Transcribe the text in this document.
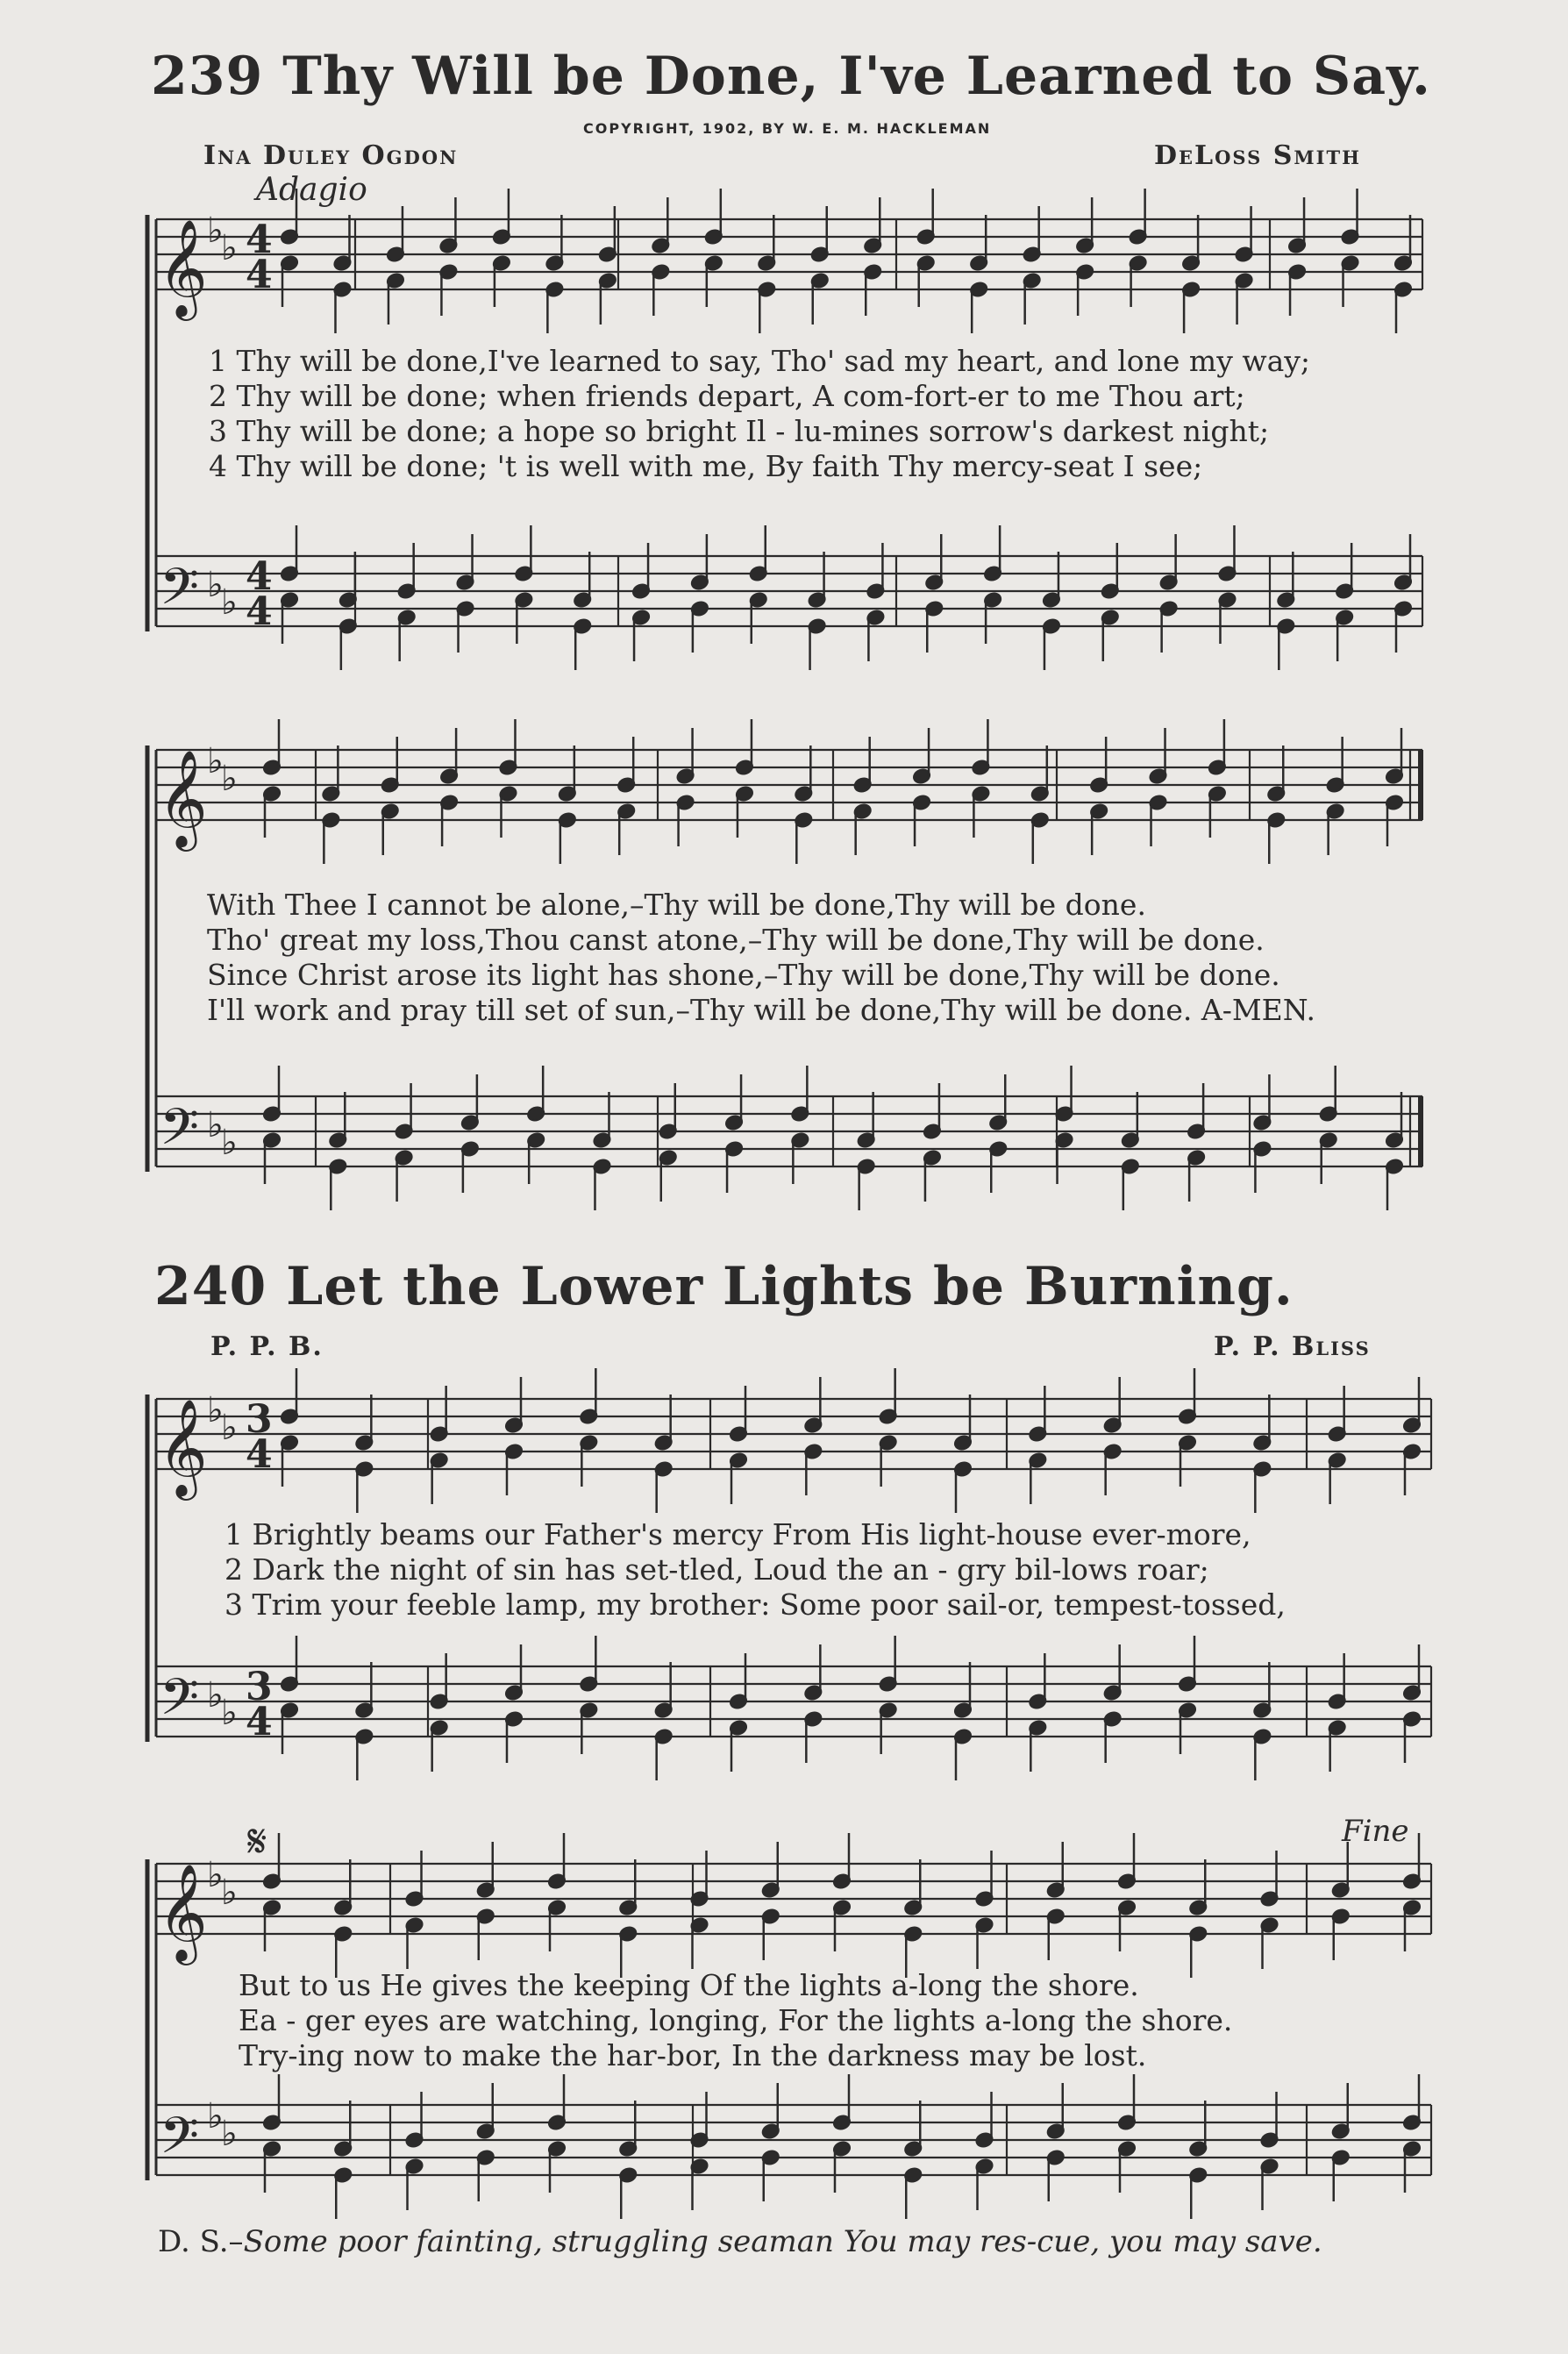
239 Thy Will be Done, I've Learned to Say.
COPYRIGHT, 1902, BY W. E. M. HACKLEMAN
Ina Duley Ogdon	DeLoss Smith
Adagio
𝄞
𝄢
𝄞
𝄢
𝄞
𝄢
𝄞
𝄢
♭
♭
♭
♭
♭
♭
♭
♭
♭
♭
♭
♭
♭
♭
♭
♭
4
4
4
4
3
4
3
4
1 Thy will be done,I've learned to say, Tho' sad my heart, and lone my way;
2 Thy will be done; when friends depart, A com-fort-er to me Thou art;
3 Thy will be done; a hope so bright Il - lu-mines sorrow's darkest night;
4 Thy will be done; 't is well with me, By faith Thy mercy-seat I see;
With Thee I cannot be alone,–Thy will be done,Thy will be done.
Tho' great my loss,Thou canst atone,–Thy will be done,Thy will be done.
Since Christ arose its light has shone,–Thy will be done,Thy will be done.
I'll work and pray till set of sun,–Thy will be done,Thy will be done. A-MEN.
240 Let the Lower Lights be Burning.
P. P. B.	P. P. Bliss
1 Brightly beams our Father's mercy From His light-house ever-more,
2 Dark the night of sin has set-tled, Loud the an - gry bil-lows roar;
3 Trim your feeble lamp, my brother: Some poor sail-or, tempest-tossed,
𝄋	Fine
But to us He gives the keeping Of the lights a-long the shore.
Ea - ger eyes are watching, longing, For the lights a-long the shore.
Try-ing now to make the har-bor, In the darkness may be lost.
D. S.–Some poor fainting, struggling seaman You may res-cue, you may save.
